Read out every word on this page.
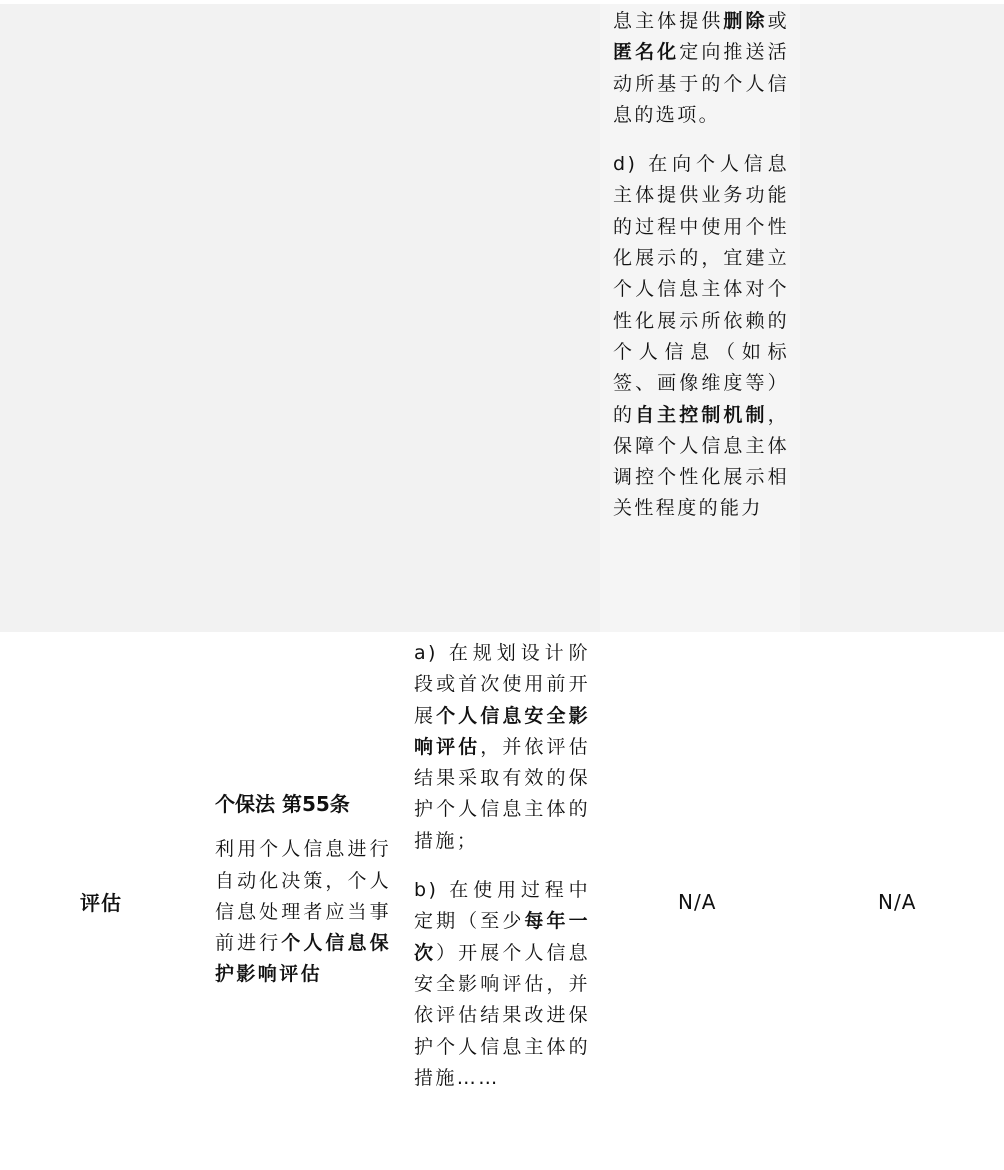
息主体提供删除或匿名化定向推送活动所基于的个人信息的选项。

d) 在向个人信息主体提供业务功能的过程中使用个性化展示的，宜建立个人信息主体对个性化展示所依赖的个人信息（如标签、画像维度等）的自主控制机制，保障个人信息主体调控个性化展示相关性程度的能力

评估

个保法 第55条

利用个人信息进行自动化决策，个人信息处理者应当事前进行个人信息保护影响评估

a) 在规划设计阶段或首次使用前开展个人信息安全影响评估，并依评估结果采取有效的保护个人信息主体的措施；

b) 在使用过程中定期（至少每年一次）开展个人信息安全影响评估，并依评估结果改进保护个人信息主体的措施……

N/A	N/A
